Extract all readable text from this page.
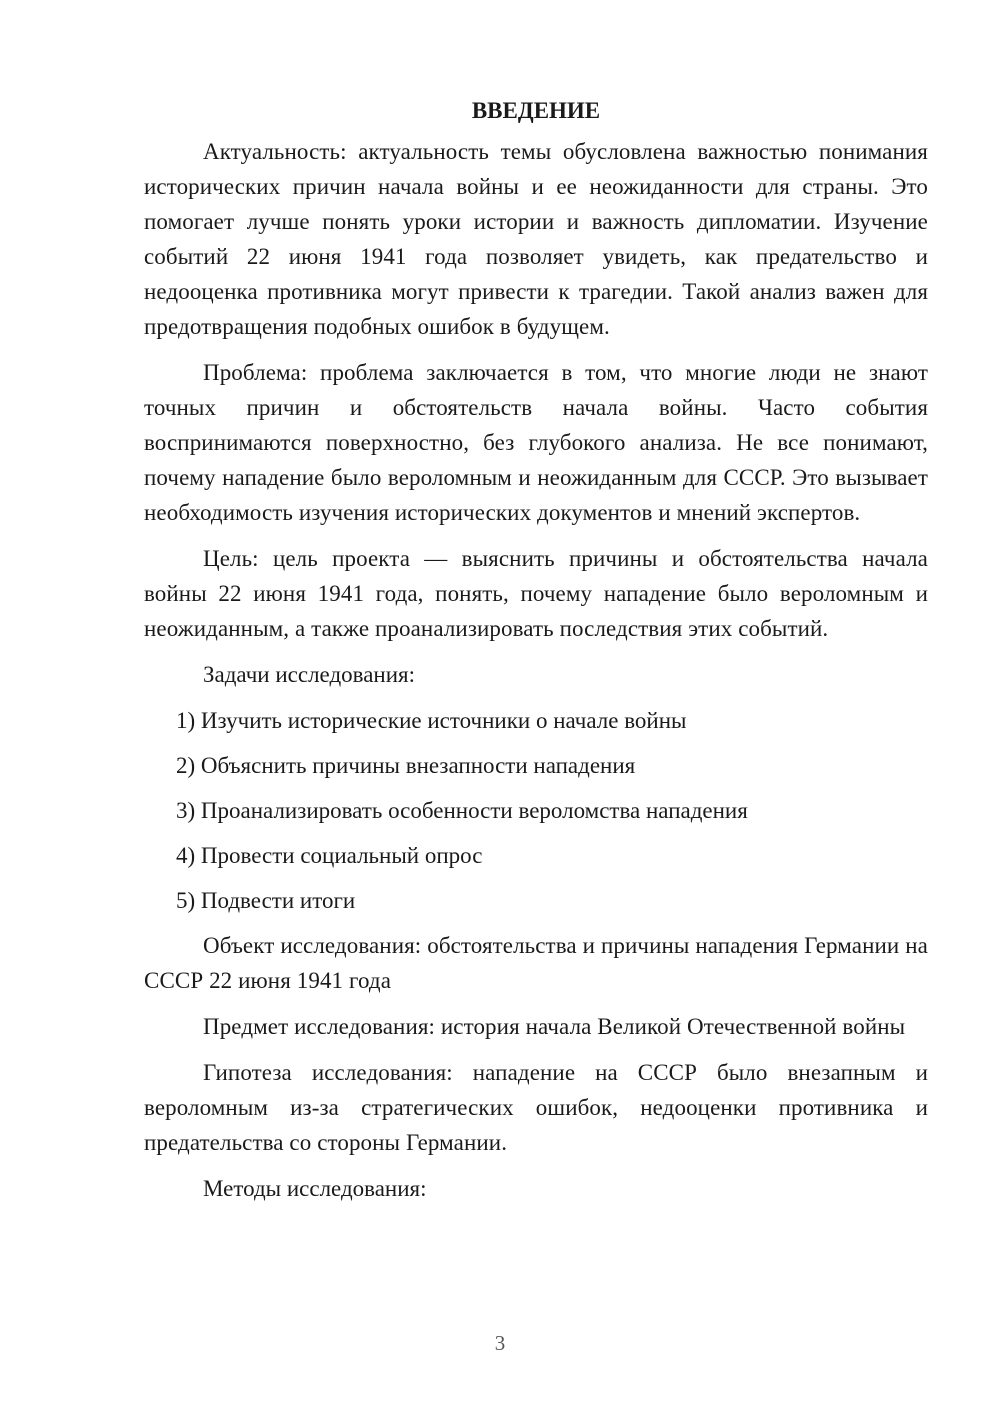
ВВЕДЕНИЕ

Актуальность: актуальность темы обусловлена важностью понимания исторических причин начала войны и ее неожиданности для страны. Это помогает лучше понять уроки истории и важность дипломатии. Изучение событий 22 июня 1941 года позволяет увидеть, как предательство и недооценка противника могут привести к трагедии. Такой анализ важен для предотвращения подобных ошибок в будущем.

Проблема: проблема заключается в том, что многие люди не знают точных причин и обстоятельств начала войны. Часто события воспринимаются поверхностно, без глубокого анализа. Не все понимают, почему нападение было вероломным и неожиданным для СССР. Это вызывает необходимость изучения исторических документов и мнений экспертов.

Цель: цель проекта — выяснить причины и обстоятельства начала войны 22 июня 1941 года, понять, почему нападение было вероломным и неожиданным, а также проанализировать последствия этих событий.

Задачи исследования:

1) Изучить исторические источники о начале войны
2) Объяснить причины внезапности нападения
3) Проанализировать особенности вероломства нападения
4) Провести социальный опрос
5) Подвести итоги

Объект исследования: обстоятельства и причины нападения Германии на СССР 22 июня 1941 года

Предмет исследования: история начала Великой Отечественной войны

Гипотеза исследования: нападение на СССР было внезапным и вероломным из-за стратегических ошибок, недооценки противника и предательства со стороны Германии.

Методы исследования:

3
